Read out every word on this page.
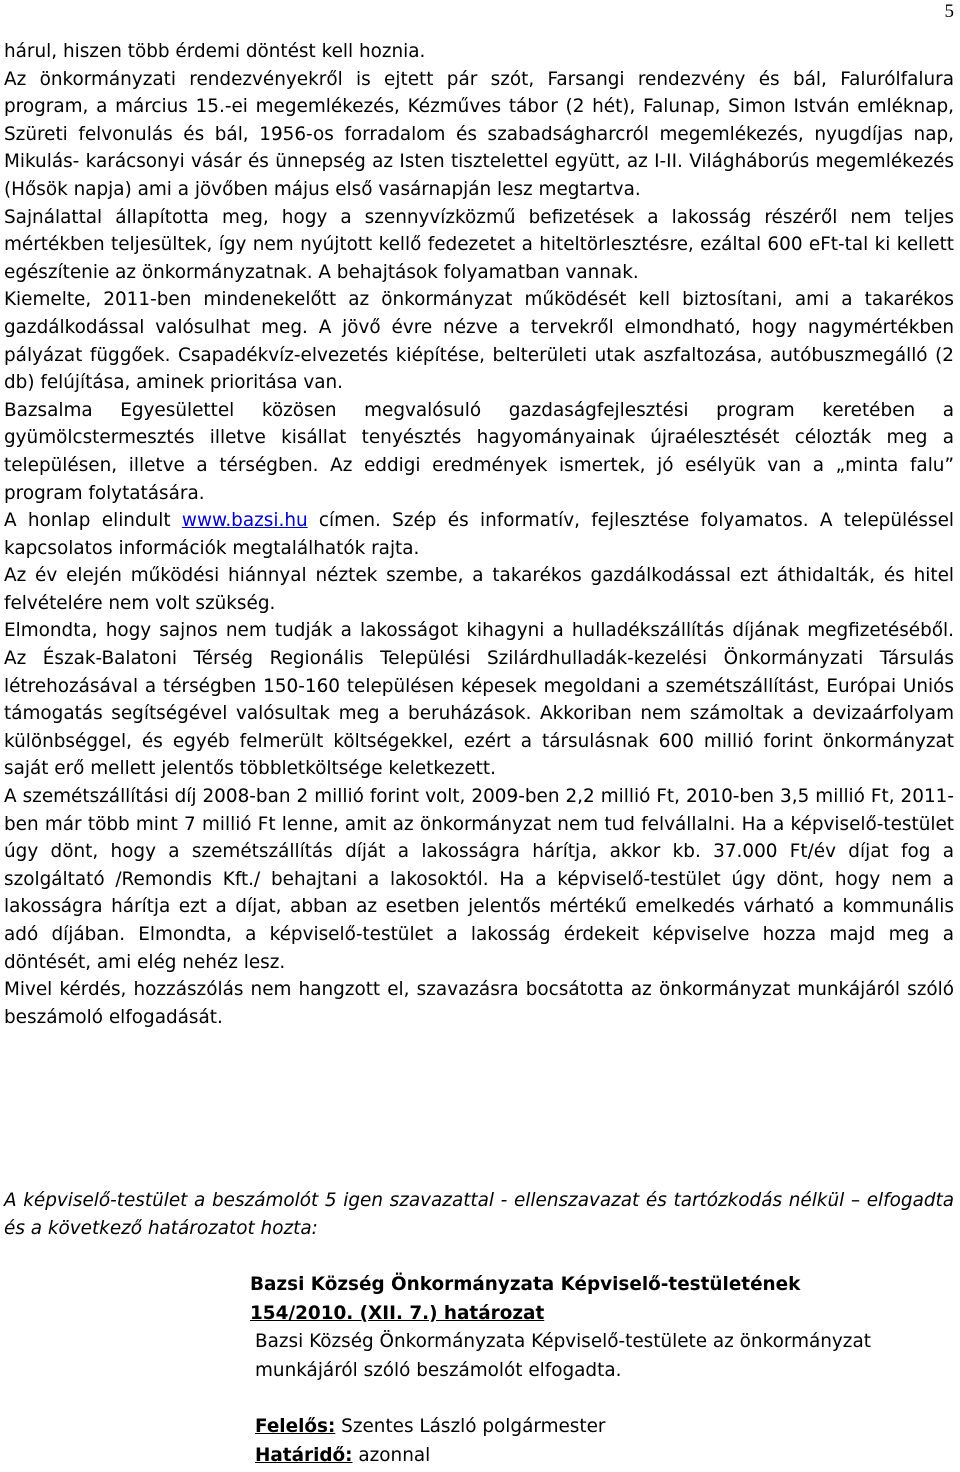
5

hárul, hiszen több érdemi döntést kell hoznia.

Az önkormányzati rendezvényekről is ejtett pár szót, Farsangi rendezvény és bál, Falurólfalura program, a március 15.-ei megemlékezés, Kézműves tábor (2 hét), Falunap, Simon István emléknap, Szüreti felvonulás és bál, 1956-os forradalom és szabadságharcról megemlékezés, nyugdíjas nap, Mikulás- karácsonyi vásár és ünnepség az Isten tisztelettel együtt, az I-II. Világháborús megemlékezés (Hősök napja) ami a jövőben május első vasárnapján lesz megtartva.

Sajnálattal állapította meg, hogy a szennyvízközmű befizetések a lakosság részéről nem teljes mértékben teljesültek, így nem nyújtott kellő fedezetet a hiteltörlesztésre, ezáltal 600 eFt-tal ki kellett egészítenie az önkormányzatnak. A behajtások folyamatban vannak.

Kiemelte, 2011-ben mindenekelőtt az önkormányzat működését kell biztosítani, ami a takarékos gazdálkodással valósulhat meg. A jövő évre nézve a tervekről elmondható, hogy nagymértékben pályázat függőek. Csapadékvíz-elvezetés kiépítése, belterületi utak aszfaltozása, autóbuszmegálló (2 db) felújítása, aminek prioritása van.

Bazsalma Egyesülettel közösen megvalósuló gazdaságfejlesztési program keretében a gyümölcstermesztés illetve kisállat tenyésztés hagyományainak újraélesztését célozták meg a településen, illetve a térségben. Az eddigi eredmények ismertek, jó esélyük van a „minta falu” program folytatására.

A honlap elindult www.bazsi.hu címen. Szép és informatív, fejlesztése folyamatos. A településsel kapcsolatos információk megtalálhatók rajta.

Az év elején működési hiánnyal néztek szembe, a takarékos gazdálkodással ezt áthidalták, és hitel felvételére nem volt szükség.

Elmondta, hogy sajnos nem tudják a lakosságot kihagyni a hulladékszállítás díjának megfizetéséből. Az Észak-Balatoni Térség Regionális Települési Szilárdhulladák-kezelési Önkormányzati Társulás létrehozásával a térségben 150-160 településen képesek megoldani a szemétszállítást, Európai Uniós támogatás segítségével valósultak meg a beruházások. Akkoriban nem számoltak a devizaárfolyam különbséggel, és egyéb felmerült költségekkel, ezért a társulásnak 600 millió forint önkormányzat saját erő mellett jelentős többletköltsége keletkezett.

A szemétszállítási díj 2008-ban 2 millió forint volt, 2009-ben 2,2 millió Ft, 2010-ben 3,5 millió Ft, 2011-ben már több mint 7 millió Ft lenne, amit az önkormányzat nem tud felvállalni. Ha a képviselő-testület úgy dönt, hogy a szemétszállítás díját a lakosságra hárítja, akkor kb. 37.000 Ft/év díjat fog a szolgáltató /Remondis Kft./ behajtani a lakosoktól. Ha a képviselő-testület úgy dönt, hogy nem a lakosságra hárítja ezt a díjat, abban az esetben jelentős mértékű emelkedés várható a kommunális adó díjában. Elmondta, a képviselő-testület a lakosság érdekeit képviselve hozza majd meg a döntését, ami elég nehéz lesz.

Mivel kérdés, hozzászólás nem hangzott el, szavazásra bocsátotta az önkormányzat munkájáról szóló beszámoló elfogadását.

A képviselő-testület a beszámolót 5 igen szavazattal - ellenszavazat és tartózkodás nélkül – elfogadta és a következő határozatot hozta:
Bazsi Község Önkormányzata Képviselő-testületének
154/2010. (XII. 7.) határozat
Bazsi Község Önkormányzata Képviselő-testülete az önkormányzat munkájáról szóló beszámolót elfogadta.
Felelős: Szentes László polgármester
Határidő: azonnal
